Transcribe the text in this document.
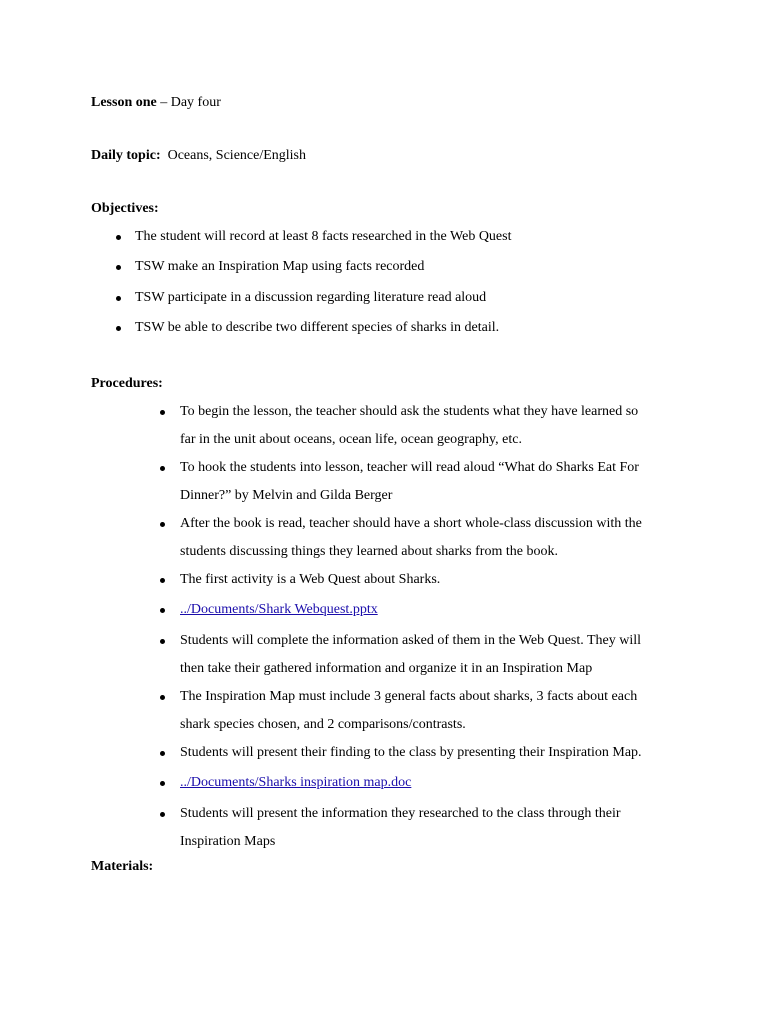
Lesson one – Day four
Daily topic: Oceans, Science/English
Objectives:
The student will record at least 8 facts researched in the Web Quest
TSW make an Inspiration Map using facts recorded
TSW participate in a discussion regarding literature read aloud
TSW be able to describe two different species of sharks in detail.
Procedures:
To begin the lesson, the teacher should ask the students what they have learned so
far in the unit about oceans, ocean life, ocean geography, etc.
To hook the students into lesson, teacher will read aloud “What do Sharks Eat For
Dinner?” by Melvin and Gilda Berger
After the book is read, teacher should have a short whole-class discussion with the
students discussing things they learned about sharks from the book.
The first activity is a Web Quest about Sharks.
../Documents/Shark Webquest.pptx
Students will complete the information asked of them in the Web Quest. They will
then take their gathered information and organize it in an Inspiration Map
The Inspiration Map must include 3 general facts about sharks, 3 facts about each
shark species chosen, and 2 comparisons/contrasts.
Students will present their finding to the class by presenting their Inspiration Map.
../Documents/Sharks inspiration map.doc
Students will present the information they researched to the class through their
Inspiration Maps
Materials:
